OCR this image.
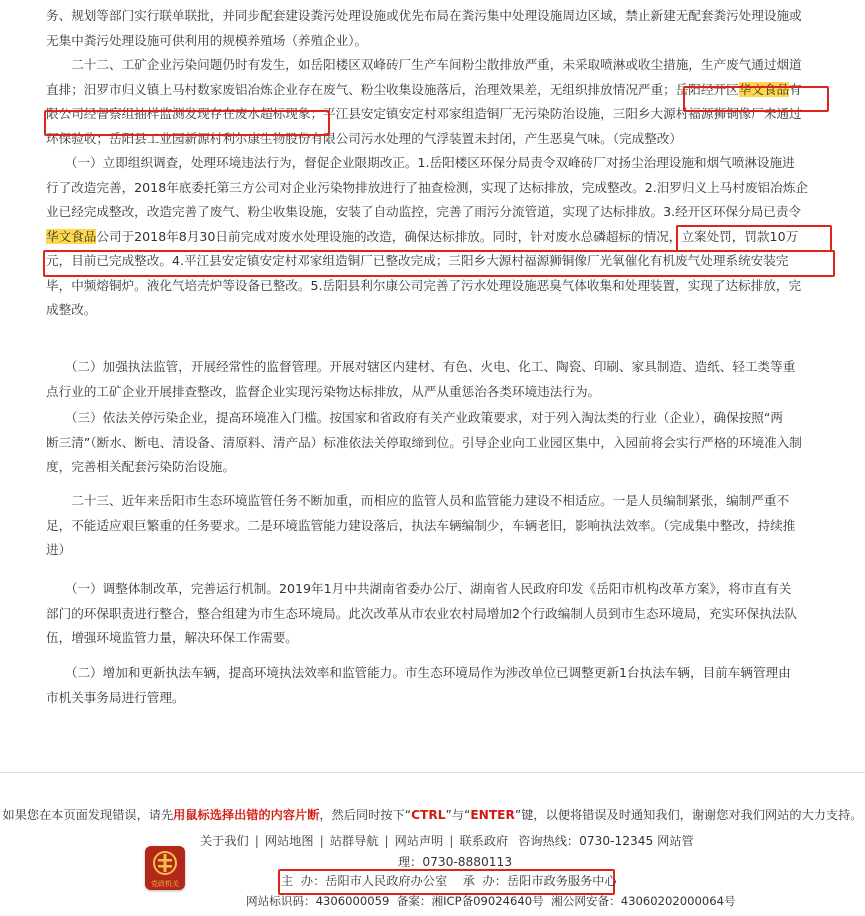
务、规划等部门实行联单联批，并同步配套建设粪污处理设施或优先布局在粪污集中处理设施周边区域，禁止新建无配套粪污处理设施或
无集中粪污处理设施可供利用的规模养殖场（养殖企业）。
　　二十二、工矿企业污染问题仍时有发生，如岳阳楼区双峰砖厂生产车间粉尘散排放严重，未采取喷淋或收尘措施，生产废气通过烟道
直排；汨罗市归义镇上马村数家废铝冶炼企业存在废气、粉尘收集设施落后，治理效果差，无组织排放情况严重；岳阳经开区华文食品有
限公司经督察组抽样监测发现存在废水超标现象；平江县安定镇安定村邓家组造铜厂无污染防治设施，三阳乡大源村福源狮铜像厂未通过
环保验收；岳阳县工业园新源村利尔康生物股份有限公司污水处理的气浮装置未封闭，产生恶臭气味。（完成整改）
　　（一）立即组织调查，处理环境违法行为，督促企业限期改正。1.岳阳楼区环保分局责令双峰砖厂对扬尘治理设施和烟气喷淋设施进
行了改造完善，2018年底委托第三方公司对企业污染物排放进行了抽查检测，实现了达标排放，完成整改。2.汨罗归义上马村废铝冶炼企
业已经完成整改，改造完善了废气、粉尘收集设施，安装了自动监控，完善了雨污分流管道，实现了达标排放。3.经开区环保分局已责令
华文食品公司于2018年8月30日前完成对废水处理设施的改造，确保达标排放。同时，针对废水总磷超标的情况，立案处罚，罚款10万
元，目前已完成整改。4.平江县安定镇安定村邓家组造铜厂已整改完成；三阳乡大源村福源狮铜像厂光氧催化有机废气处理系统安装完
毕，中频熔铜炉。液化气培壳炉等设备已整改。5.岳阳县利尔康公司完善了污水处理设施恶臭气体收集和处理装置，实现了达标排放，完
成整改。
　　（二）加强执法监管，开展经常性的监督管理。开展对辖区内建材、有色、火电、化工、陶瓷、印刷、家具制造、造纸、轻工类等重
点行业的工矿企业开展排查整改，监督企业实现污染物达标排放，从严从重惩治各类环境违法行为。
　　（三）依法关停污染企业，提高环境准入门槛。按国家和省政府有关产业政策要求，对于列入淘汰类的行业（企业），确保按照“两
断三清”（断水、断电、清设备、清原料、清产品）标准依法关停取缔到位。引导企业向工业园区集中，入园前将会实行严格的环境准入制
度，完善相关配套污染防治设施。
　　二十三、近年来岳阳市生态环境监管任务不断加重，而相应的监管人员和监管能力建设不相适应。一是人员编制紧张，编制严重不
足，不能适应艰巨繁重的任务要求。二是环境监管能力建设落后，执法车辆编制少，车辆老旧，影响执法效率。（完成集中整改，持续推
进）
　　（一）调整体制改革，完善运行机制。2019年1月中共湖南省委办公厅、湖南省人民政府印发《岳阳市机构改革方案》，将市直有关
部门的环保职责进行整合，整合组建为市生态环境局。此次改革从市农业农村局增加2个行政编制人员到市生态环境局，充实环保执法队
伍，增强环境监管力量，解决环保工作需要。
　　（二）增加和更新执法车辆，提高环境执法效率和监管能力。市生态环境局作为涉改单位已调整更新1台执法车辆，目前车辆管理由
市机关事务局进行管理。
如果您在本页面发现错误，请先用鼠标选择出错的内容片断，然后同时按下“CTRL”与“ENTER”键，以便将错误及时通知我们，谢谢您对我们网站的大力支持。
党政机关
关于我们 | 网站地图 | 站群导航 | 网站声明 | 联系政府 咨询热线：0730-12345 网站管
理：0730-8880113
主  办：岳阳市人民政府办公室    承  办：岳阳市政务服务中心
网站标识码：4306000059  备案：湘ICP备09024640号  湘公网安备：43060202000064号
